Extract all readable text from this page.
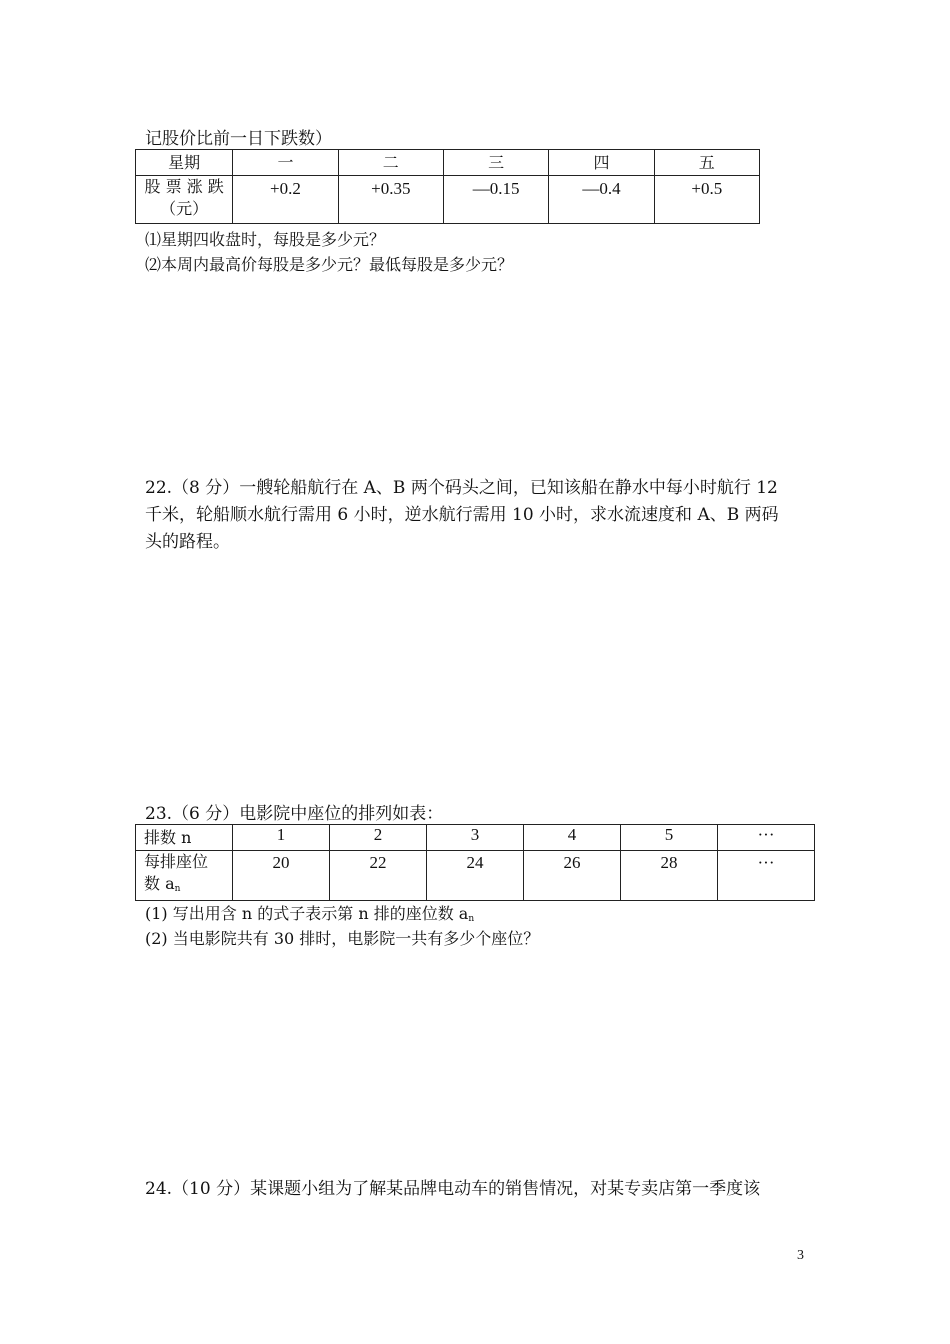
记股价比前一日下跌数）
星期	一	二	三	四	五

股 票 涨 跌
（元）	+0.2	+0.35	—0.15	—0.4	+0.5
⑴星期四收盘时，每股是多少元？
⑵本周内最高价每股是多少元？最低每股是多少元？
22.（8 分）一艘轮船航行在 A、B 两个码头之间，已知该船在静水中每小时航行 12
千米，轮船顺水航行需用 6 小时，逆水航行需用 10 小时，求水流速度和 A、B 两码
头的路程。
23.（6 分）电影院中座位的排列如表：
排数 n	1	2	3	4	5	···

每排座位
数 $a_n$	20	22	24	26	28	···
(1) 写出用含 n 的式子表示第 n 排的座位数 $a_n$
(2) 当电影院共有 30 排时，电影院一共有多少个座位？
24.（10 分）某课题小组为了解某品牌电动车的销售情况，对某专卖店第一季度该
3
